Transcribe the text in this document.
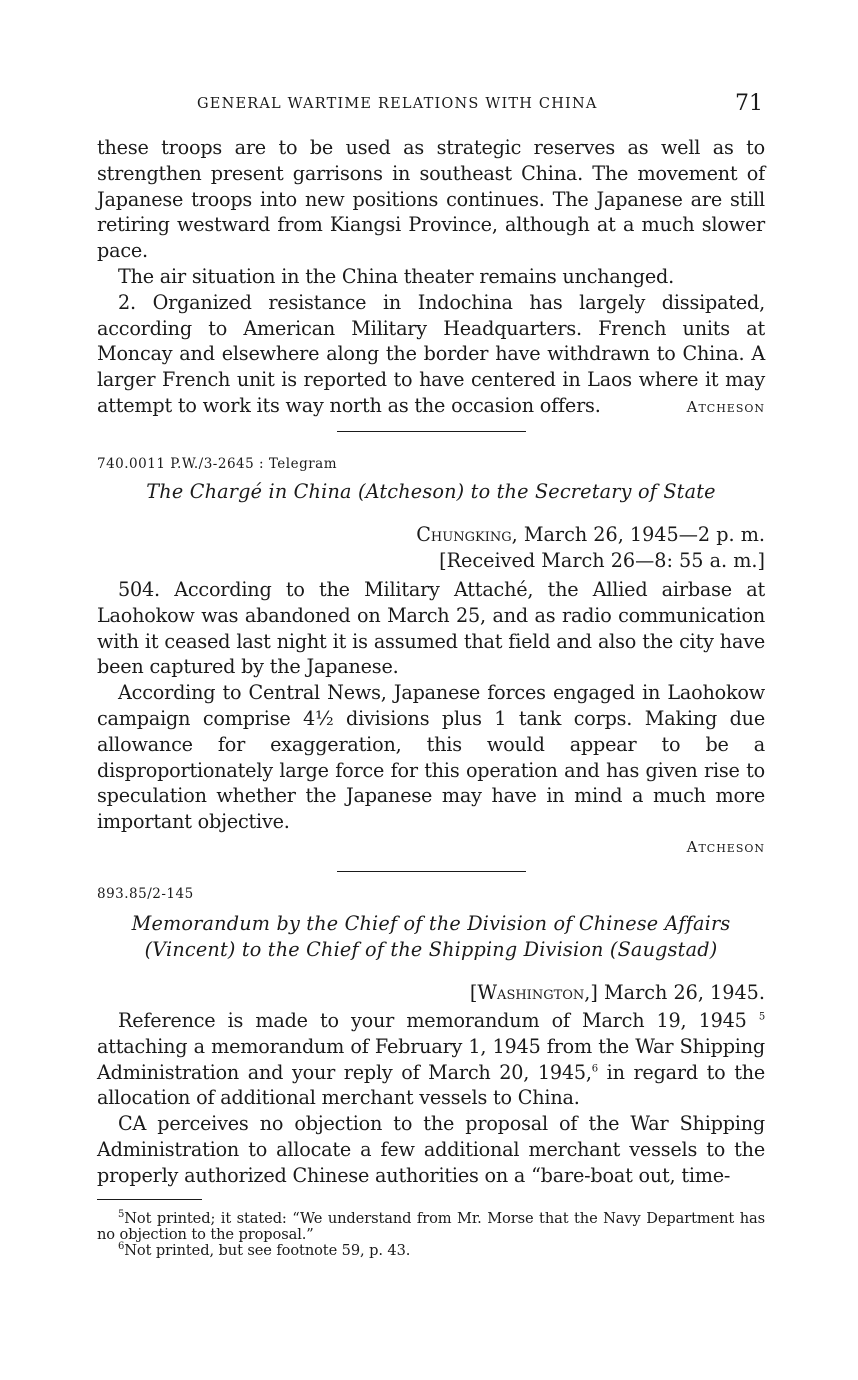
GENERAL WARTIME RELATIONS WITH CHINA	71

these troops are to be used as strategic reserves as well as to strengthen present garrisons in southeast China. The movement of Japanese troops into new positions continues. The Japanese are still retiring westward from Kiangsi Province, although at a much slower pace.

The air situation in the China theater remains unchanged.

2. Organized resistance in Indochina has largely dissipated, according to American Military Headquarters. French units at Moncay and elsewhere along the border have withdrawn to China. A larger French unit is reported to have centered in Laos where it may attempt to work its way north as the occasion offers.	Atcheson
740.0011 P.W./3-2645 : Telegram
The Chargé in China (Atcheson) to the Secretary of State
Chungking, March 26, 1945—2 p. m.
[Received March 26—8: 55 a. m.]

504. According to the Military Attaché, the Allied airbase at Laohokow was abandoned on March 25, and as radio communication with it ceased last night it is assumed that field and also the city have been captured by the Japanese.

According to Central News, Japanese forces engaged in Laohokow campaign comprise 4½ divisions plus 1 tank corps. Making due allowance for exaggeration, this would appear to be a disproportionately large force for this operation and has given rise to speculation whether the Japanese may have in mind a much more important objective.

Atcheson
893.85/2-145
Memorandum by the Chief of the Division of Chinese Affairs
(Vincent) to the Chief of the Shipping Division (Saugstad)
[Washington,] March 26, 1945.

Reference is made to your memorandum of March 19, 1945 $^5$ attaching a memorandum of February 1, 1945 from the War Shipping Administration and your reply of March 20, 1945,$^6$ in regard to the allocation of additional merchant vessels to China.

CA perceives no objection to the proposal of the War Shipping Administration to allocate a few additional merchant vessels to the properly authorized Chinese authorities on a “bare-boat out, time-

$^5$Not printed; it stated: “We understand from Mr. Morse that the Navy Department has no objection to the proposal.”
$^6$Not printed, but see footnote 59, p. 43.
